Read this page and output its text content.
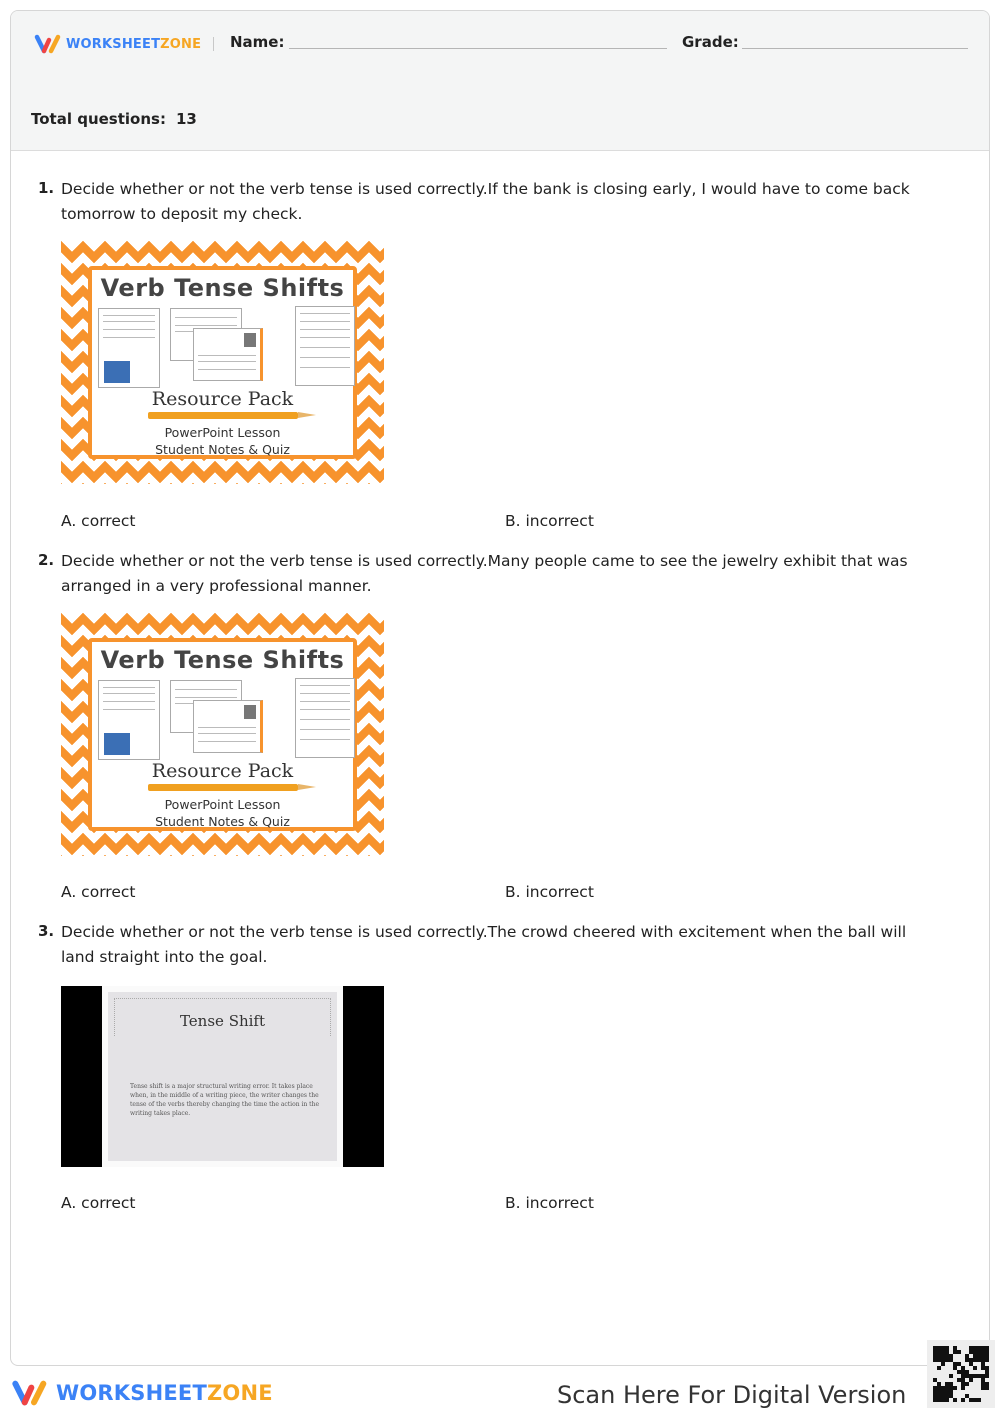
WORKSHEETZONE Name:	Grade:
Total questions: 13
1. Decide whether or not the verb tense is used correctly.If the bank is closing early, I would have to come back tomorrow to deposit my check.
Verb Tense Shifts
Resource Pack
PowerPoint Lesson
Student Notes & Quiz
A. correct	B. incorrect
2. Decide whether or not the verb tense is used correctly.Many people came to see the jewelry exhibit that was arranged in a very professional manner.
Verb Tense Shifts
Resource Pack
PowerPoint Lesson
Student Notes & Quiz
A. correct	B. incorrect
3. Decide whether or not the verb tense is used correctly.The crowd cheered with excitement when the ball will land straight into the goal.
Tense Shift
Tense shift is a major structural writing error. It takes place when, in the middle of a writing piece, the writer changes the tense of the verbs thereby changing the time the action in the writing takes place.
A. correct	B. incorrect
WORKSHEETZONE	Scan Here For Digital Version
